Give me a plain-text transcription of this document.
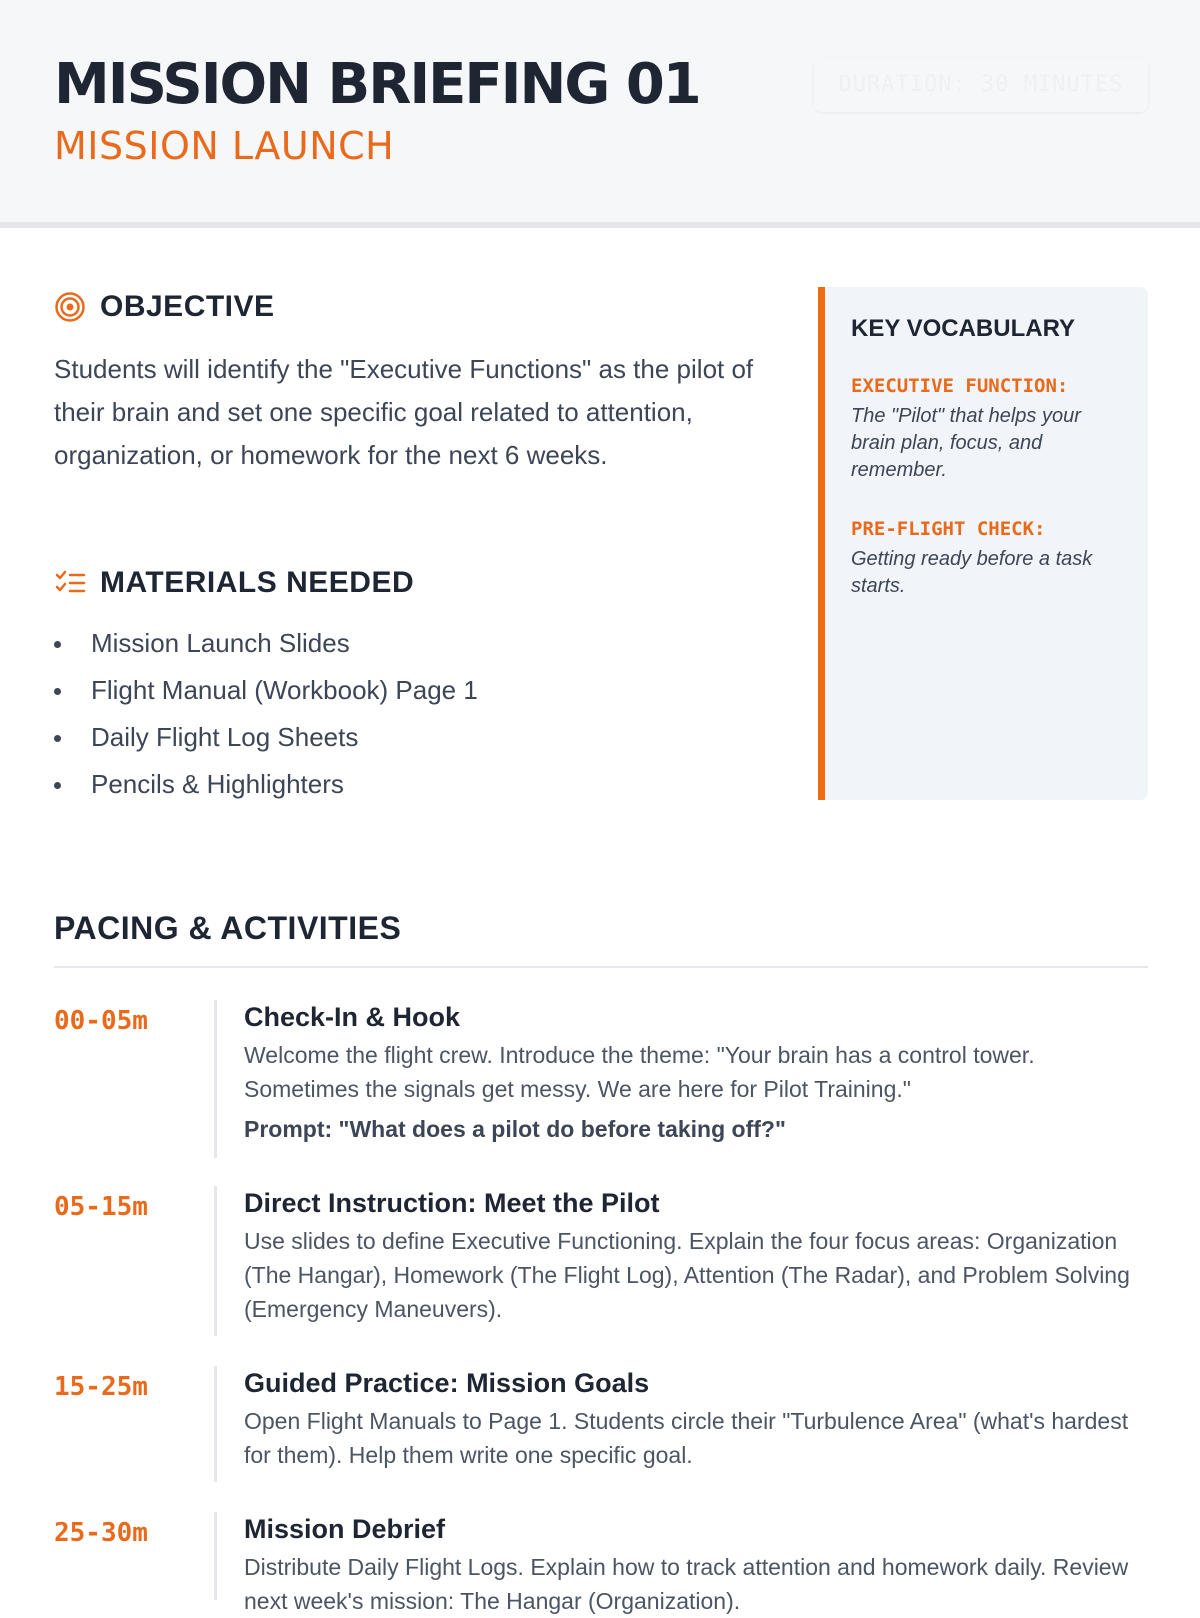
MISSION BRIEFING 01
MISSION LAUNCH
DURATION: 30 MINUTES
OBJECTIVE

Students will identify the "Executive Functions" as the pilot of their brain and set one specific goal related to attention, organization, or homework for the next 6 weeks.

MATERIALS NEEDED
Mission Launch Slides
Flight Manual (Workbook) Page 1
Daily Flight Log Sheets
Pencils & Highlighters
KEY VOCABULARY
EXECUTIVE FUNCTION:
The "Pilot" that helps your brain plan, focus, and remember.
PRE-FLIGHT CHECK:
Getting ready before a task starts.
PACING & ACTIVITIES
00-05m	Check-In & Hook
Welcome the flight crew. Introduce the theme: "Your brain has a control tower. Sometimes the signals get messy. We are here for Pilot Training."
Prompt: "What does a pilot do before taking off?"
05-15m	Direct Instruction: Meet the Pilot
Use slides to define Executive Functioning. Explain the four focus areas: Organization (The Hangar), Homework (The Flight Log), Attention (The Radar), and Problem Solving (Emergency Maneuvers).
15-25m	Guided Practice: Mission Goals
Open Flight Manuals to Page 1. Students circle their "Turbulence Area" (what's hardest for them). Help them write one specific goal.
25-30m	Mission Debrief
Distribute Daily Flight Logs. Explain how to track attention and homework daily. Review next week's mission: The Hangar (Organization).
